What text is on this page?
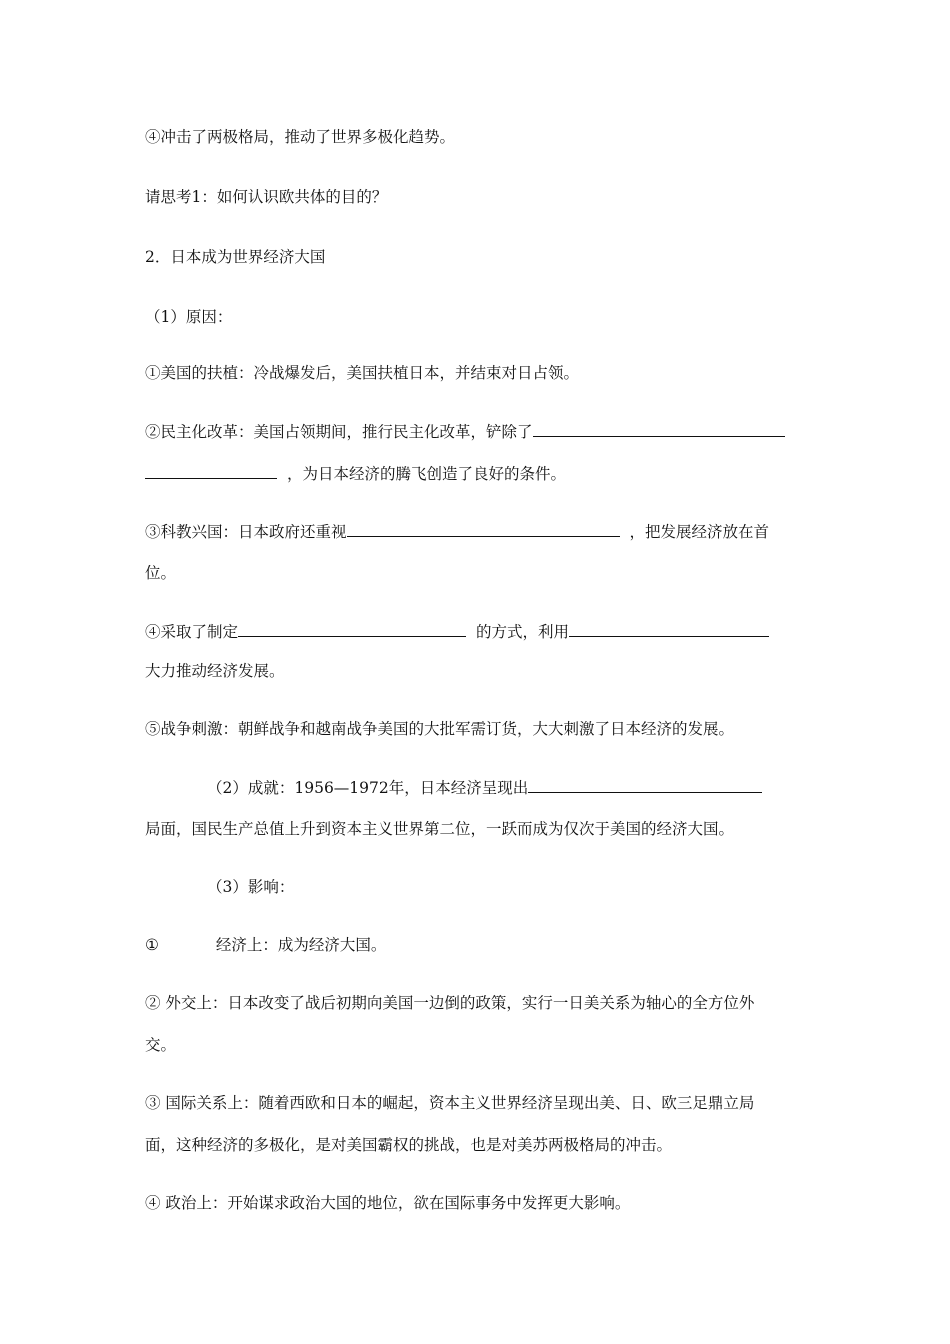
④冲击了两极格局，推动了世界多极化趋势。
请思考1：如何认识欧共体的目的？
2．日本成为世界经济大国
（1）原因：
①美国的扶植：冷战爆发后，美国扶植日本，并结束对日占领。
②民主化改革：美国占领期间，推行民主化改革，铲除了
，为日本经济的腾飞创造了良好的条件。
③科教兴国：日本政府还重视	，把发展经济放在首
位。
④采取了制定	的方式，利用
大力推动经济发展。
⑤战争刺激：朝鲜战争和越南战争美国的大批军需订货，大大刺激了日本经济的发展。
（2）成就：1956—1972年，日本经济呈现出
局面，国民生产总值上升到资本主义世界第二位，一跃而成为仅次于美国的经济大国。
（3）影响：
①	经济上：成为经济大国。
② 外交上：日本改变了战后初期向美国一边倒的政策，实行一日美关系为轴心的全方位外
交。
③ 国际关系上：随着西欧和日本的崛起，资本主义世界经济呈现出美、日、欧三足鼎立局
面，这种经济的多极化，是对美国霸权的挑战，也是对美苏两极格局的冲击。
④ 政治上：开始谋求政治大国的地位，欲在国际事务中发挥更大影响。
